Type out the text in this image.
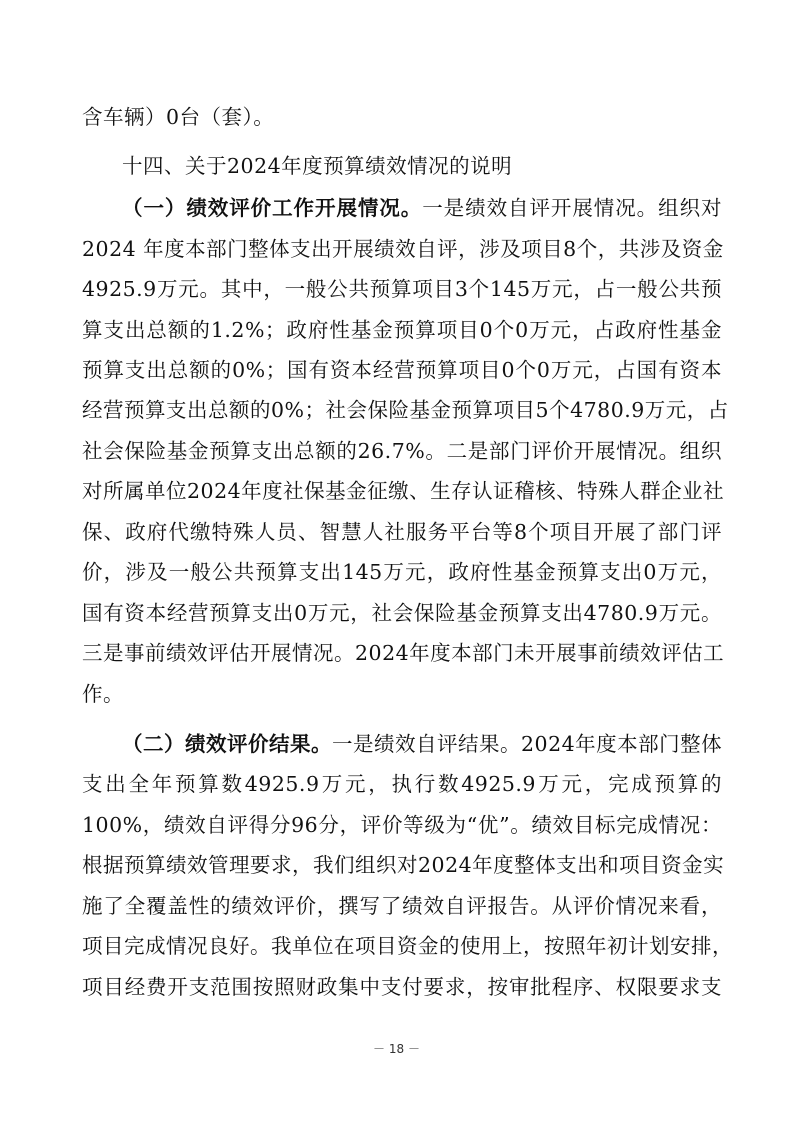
含车辆）0台（套）。
十四、关于2024年度预算绩效情况的说明
（一）绩效评价工作开展情况。一是绩效自评开展情况。组织对
2024 年度本部门整体支出开展绩效自评，涉及项目8个，共涉及资金
4925.9万元。其中，一般公共预算项目3个145万元，占一般公共预
算支出总额的1.2%；政府性基金预算项目0个0万元，占政府性基金
预算支出总额的0%；国有资本经营预算项目0个0万元，占国有资本
经营预算支出总额的0%；社会保险基金预算项目5个4780.9万元，占
社会保险基金预算支出总额的26.7%。二是部门评价开展情况。组织
对所属单位2024年度社保基金征缴、生存认证稽核、特殊人群企业社
保、政府代缴特殊人员、智慧人社服务平台等8个项目开展了部门评
价，涉及一般公共预算支出145万元，政府性基金预算支出0万元，
国有资本经营预算支出0万元，社会保险基金预算支出4780.9万元。
三是事前绩效评估开展情况。2024年度本部门未开展事前绩效评估工
作。
（二）绩效评价结果。一是绩效自评结果。2024年度本部门整体
支出全年预算数4925.9万元，执行数4925.9万元，完成预算的
100%，绩效自评得分96分，评价等级为“优”。绩效目标完成情况：
根据预算绩效管理要求，我们组织对2024年度整体支出和项目资金实
施了全覆盖性的绩效评价，撰写了绩效自评报告。从评价情况来看，
项目完成情况良好。我单位在项目资金的使用上，按照年初计划安排，
项目经费开支范围按照财政集中支付要求，按审批程序、权限要求支
－ 18 －
